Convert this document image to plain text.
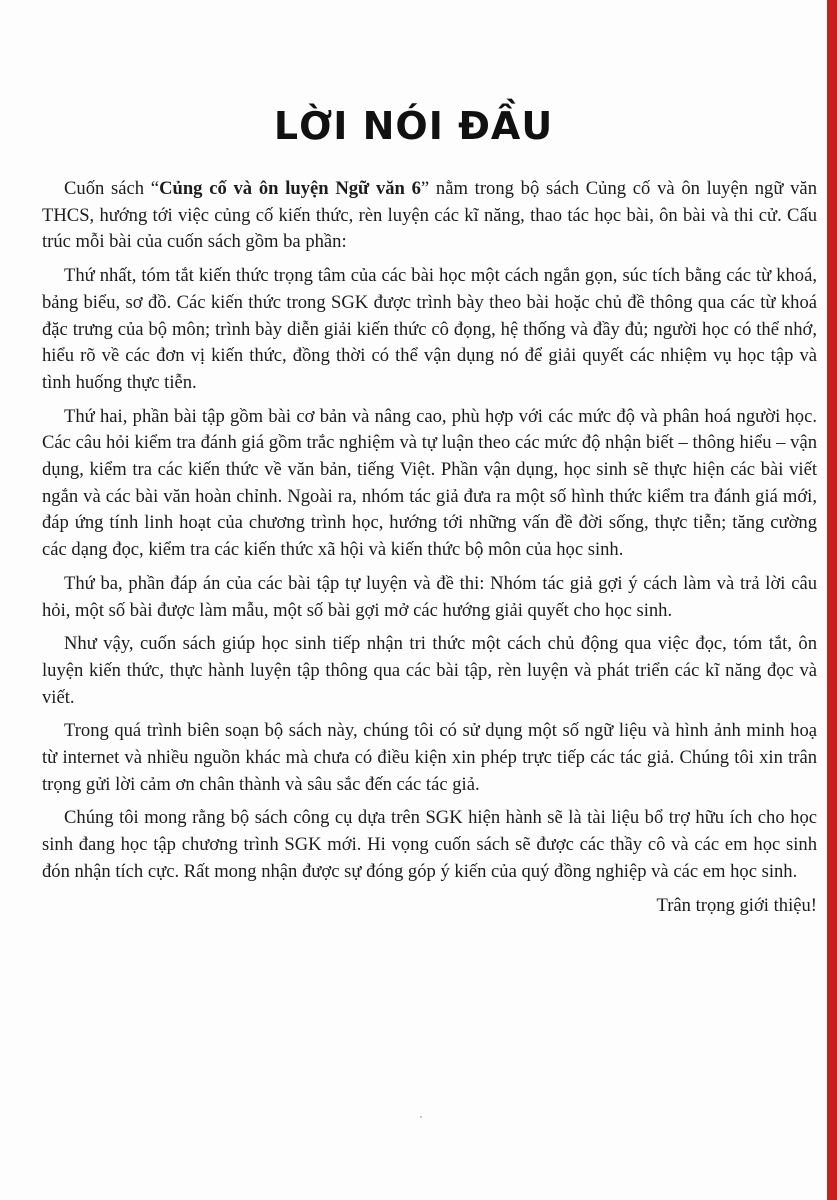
LỜI NÓI ĐẦU

Cuốn sách “Củng cố và ôn luyện Ngữ văn 6” nằm trong bộ sách Củng cố và ôn luyện ngữ văn THCS, hướng tới việc củng cố kiến thức, rèn luyện các kĩ năng, thao tác học bài, ôn bài và thi cử. Cấu trúc mỗi bài của cuốn sách gồm ba phần:

Thứ nhất, tóm tắt kiến thức trọng tâm của các bài học một cách ngắn gọn, súc tích bằng các từ khoá, bảng biểu, sơ đồ. Các kiến thức trong SGK được trình bày theo bài hoặc chủ đề thông qua các từ khoá đặc trưng của bộ môn; trình bày diễn giải kiến thức cô đọng, hệ thống và đầy đủ; người học có thể nhớ, hiểu rõ về các đơn vị kiến thức, đồng thời có thể vận dụng nó để giải quyết các nhiệm vụ học tập và tình huống thực tiễn.

Thứ hai, phần bài tập gồm bài cơ bản và nâng cao, phù hợp với các mức độ và phân hoá người học. Các câu hỏi kiểm tra đánh giá gồm trắc nghiệm và tự luận theo các mức độ nhận biết – thông hiểu – vận dụng, kiểm tra các kiến thức về văn bản, tiếng Việt. Phần vận dụng, học sinh sẽ thực hiện các bài viết ngắn và các bài văn hoàn chỉnh. Ngoài ra, nhóm tác giả đưa ra một số hình thức kiểm tra đánh giá mới, đáp ứng tính linh hoạt của chương trình học, hướng tới những vấn đề đời sống, thực tiễn; tăng cường các dạng đọc, kiểm tra các kiến thức xã hội và kiến thức bộ môn của học sinh.

Thứ ba, phần đáp án của các bài tập tự luyện và đề thi: Nhóm tác giả gợi ý cách làm và trả lời câu hỏi, một số bài được làm mẫu, một số bài gợi mở các hướng giải quyết cho học sinh.

Như vậy, cuốn sách giúp học sinh tiếp nhận tri thức một cách chủ động qua việc đọc, tóm tắt, ôn luyện kiến thức, thực hành luyện tập thông qua các bài tập, rèn luyện và phát triển các kĩ năng đọc và viết.

Trong quá trình biên soạn bộ sách này, chúng tôi có sử dụng một số ngữ liệu và hình ảnh minh hoạ từ internet và nhiều nguồn khác mà chưa có điều kiện xin phép trực tiếp các tác giả. Chúng tôi xin trân trọng gửi lời cảm ơn chân thành và sâu sắc đến các tác giả.

Chúng tôi mong rằng bộ sách công cụ dựa trên SGK hiện hành sẽ là tài liệu bổ trợ hữu ích cho học sinh đang học tập chương trình SGK mới. Hi vọng cuốn sách sẽ được các thầy cô và các em học sinh đón nhận tích cực. Rất mong nhận được sự đóng góp ý kiến của quý đồng nghiệp và các em học sinh.

Trân trọng giới thiệu!
